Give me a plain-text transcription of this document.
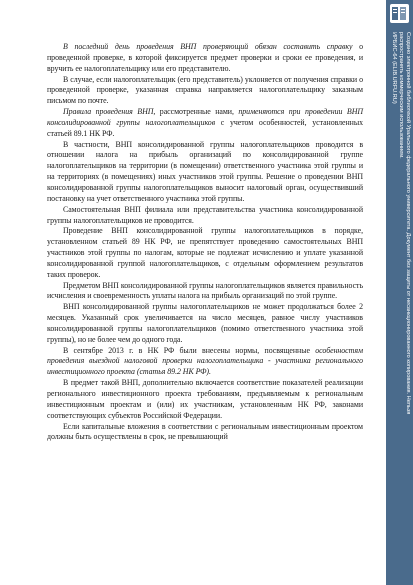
В последний день проведения ВНП проверяющий обязан составить справку о проведенной проверке, в которой фиксируется предмет проверки и сроки ее проведения, и вручить ее налогоплательщику или его представителю.

В случае, если налогоплательщик (его представитель) уклоняется от получения справки о проведенной проверке, указанная справка направляется налогоплательщику заказным письмом по почте.

Правила проведения ВНП, рассмотренные нами, применяются при проведении ВНП консолидированной группы налогоплательщиков с учетом особенностей, установленных статьей 89.1 НК РФ.

В частности, ВНП консолидированной группы налогоплательщиков проводится в отношении налога на прибыль организаций по консолидированной группе налогоплательщиков на территории (в помещении) ответственного участника этой группы и на территориях (в помещениях) иных участников этой группы. Решение о проведении ВНП консолидированной группы налогоплательщиков выносит налоговый орган, осуществивший постановку на учет ответственного участника этой группы.

Самостоятельная ВНП филиала или представительства участника консолидированной группы налогоплательщиков не проводится.

Проведение ВНП консолидированной группы налогоплательщиков в порядке, установленном статьей 89 НК РФ, не препятствует проведению самостоятельных ВНП участников этой группы по налогам, которые не подлежат исчислению и уплате указанной консолидированной группой налогоплательщиков, с отдельным оформлением результатов таких проверок.

Предметом ВНП консолидированной группы налогоплательщиков является правильность исчисления и своевременность уплаты налога на прибыль организаций по этой группе.

ВНП консолидированной группы налогоплательщиков не может продолжаться более 2 месяцев. Указанный срок увеличивается на число месяцев, равное числу участников консолидированной группы налогоплательщиков (помимо ответственного участника этой группы), но не более чем до одного года.

В сентябре 2013 г. в НК РФ были внесены нормы, посвященные особенностям проведения выездной налоговой проверки налогоплательщика - участника регионального инвестиционного проекта (статья 89.2 НК РФ).

В предмет такой ВНП, дополнительно включается соответствие показателей реализации регионального инвестиционного проекта требованиям, предъявляемым к региональным инвестиционным проектам и (или) их участникам, установленным НК РФ, законами соответствующих субъектов Российской Федерации.

Если капитальные вложения в соответствии с региональным инвестиционным проектом должны быть осуществлены в срок, не превышающий

Создано электронной библиотекой Уральского федерального университета. Документ без защиты от несанкционированного копирования. Нельзя распространять коммерческим использованием.
ИРБИС-64 (ELIB.URFU.RU)
